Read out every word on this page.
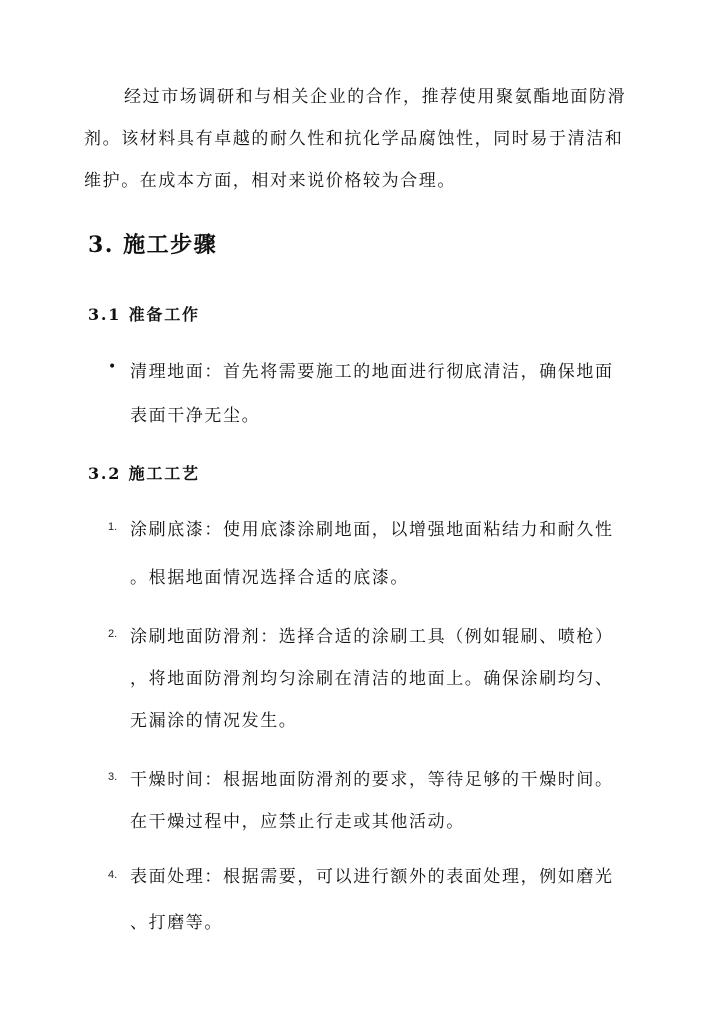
经过市场调研和与相关企业的合作，推荐使用聚氨酯地面防滑
剂。该材料具有卓越的耐久性和抗化学品腐蚀性，同时易于清洁和
维护。在成本方面，相对来说价格较为合理。
3. 施工步骤
3.1 准备工作
• 清理地面：首先将需要施工的地面进行彻底清洁，确保地面
表面干净无尘。
3.2 施工工艺
1. 涂刷底漆：使用底漆涂刷地面，以增强地面粘结力和耐久性
。根据地面情况选择合适的底漆。
2. 涂刷地面防滑剂：选择合适的涂刷工具（例如辊刷、喷枪）
，将地面防滑剂均匀涂刷在清洁的地面上。确保涂刷均匀、
无漏涂的情况发生。
3. 干燥时间：根据地面防滑剂的要求，等待足够的干燥时间。
在干燥过程中，应禁止行走或其他活动。
4. 表面处理：根据需要，可以进行额外的表面处理，例如磨光
、打磨等。
